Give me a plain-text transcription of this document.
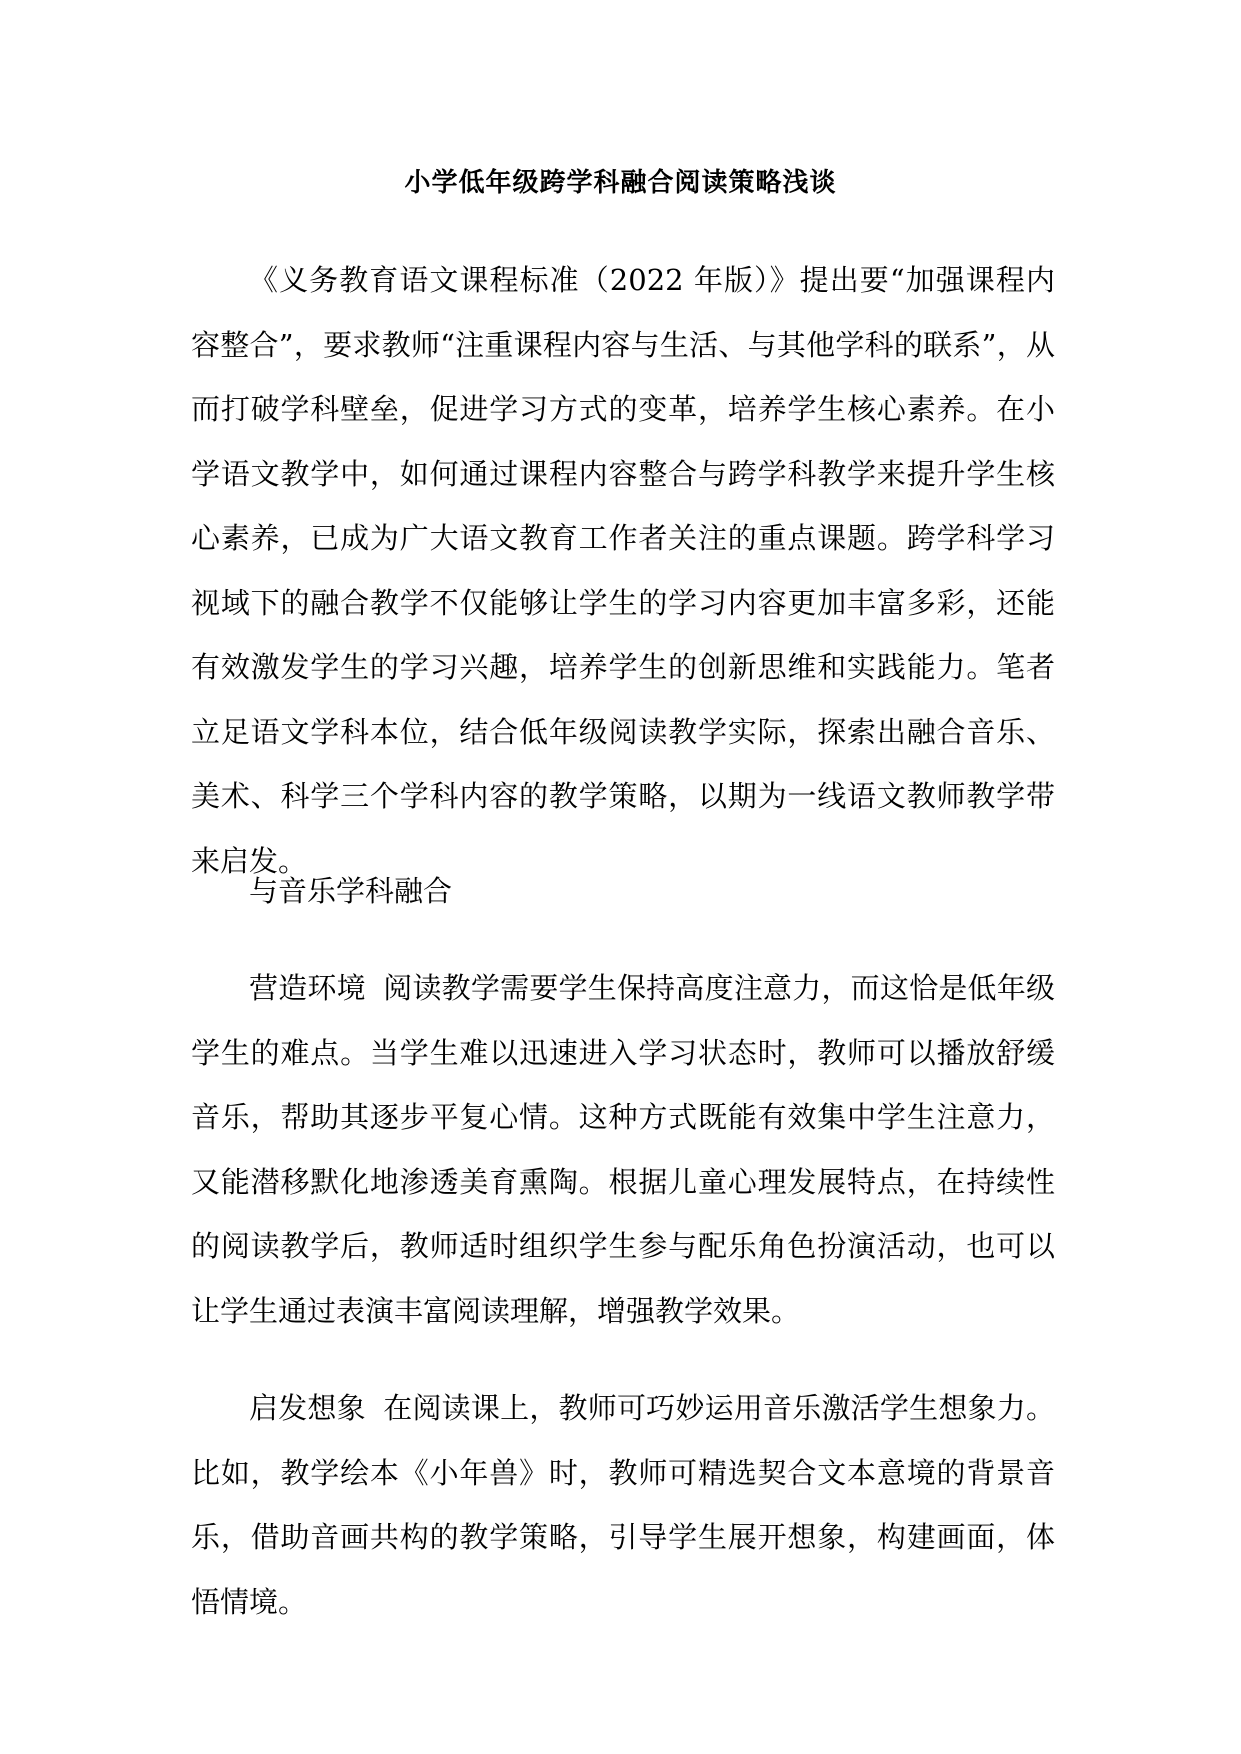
小学低年级跨学科融合阅读策略浅谈

《义务教育语文课程标准（2022 年版）》提出要“加强课程内容整合”，要求教师“注重课程内容与生活、与其他学科的联系”，从而打破学科壁垒，促进学习方式的变革，培养学生核心素养。在小学语文教学中，如何通过课程内容整合与跨学科教学来提升学生核心素养，已成为广大语文教育工作者关注的重点课题。跨学科学习视域下的融合教学不仅能够让学生的学习内容更加丰富多彩，还能有效激发学生的学习兴趣，培养学生的创新思维和实践能力。笔者立足语文学科本位，结合低年级阅读教学实际，探索出融合音乐、美术、科学三个学科内容的教学策略，以期为一线语文教师教学带来启发。

与音乐学科融合

营造环境 阅读教学需要学生保持高度注意力，而这恰是低年级学生的难点。当学生难以迅速进入学习状态时，教师可以播放舒缓音乐，帮助其逐步平复心情。这种方式既能有效集中学生注意力，又能潜移默化地渗透美育熏陶。根据儿童心理发展特点，在持续性的阅读教学后，教师适时组织学生参与配乐角色扮演活动，也可以让学生通过表演丰富阅读理解，增强教学效果。

启发想象 在阅读课上，教师可巧妙运用音乐激活学生想象力。比如，教学绘本《小年兽》时，教师可精选契合文本意境的背景音乐，借助音画共构的教学策略，引导学生展开想象，构建画面，体悟情境。
